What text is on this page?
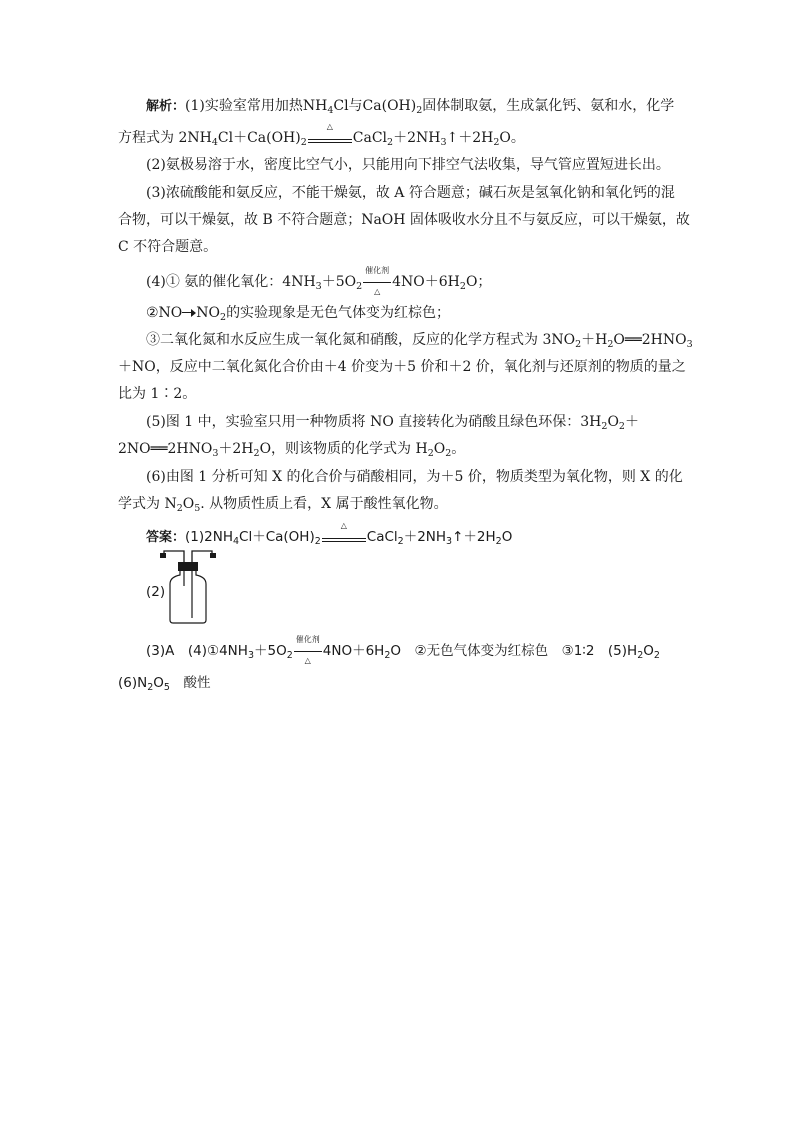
解析：(1)实验室常用加热$NH_4Cl$与$Ca(OH)_2$固体制取氨，生成氯化钙、氨和水，化学
方程式为 $2NH_4Cl+Ca(OH)_2$
△
$CaCl_2+2NH_3↑+2H_2O$。
(2)氨极易溶于水，密度比空气小，只能用向下排空气法收集，导气管应置短进长出。
(3)浓硫酸能和氨反应，不能干燥氨，故 A 符合题意；碱石灰是氢氧化钠和氧化钙的混
合物，可以干燥氨，故 B 不符合题意；NaOH 固体吸收水分且不与氨反应，可以干燥氨，故
C 不符合题意。
(4)① 氨的催化氧化：$4NH_3+5O_2$
催化剂
△
$4NO+6H_2O$；
②NO $NO_2$的实验现象是无色气体变为红棕色；
③二氧化氮和水反应生成一氧化氮和硝酸，反应的化学方程式为 $3NO_2+H_2O══2HNO_3$
＋NO，反应中二氧化氮化合价由＋4 价变为＋5 价和＋2 价，氧化剂与还原剂的物质的量之
比为 1∶2。
(5)图 1 中，实验室只用一种物质将 NO 直接转化为硝酸且绿色环保：$3H_2O_2+$
$2NO══2HNO_3+2H_2O$，则该物质的化学式为 $H_2O_2$。
(6)由图 1 分析可知 X 的化合价与硝酸相同，为＋5 价，物质类型为氧化物，则 X 的化
学式为 $N_2O_5$. 从物质性质上看，X 属于酸性氧化物。
答案：$(1)2NH_4Cl+Ca(OH)_2$
△
$CaCl_2+2NH_3↑+2H_2O$
(2)
(3)A  $(4)①4NH_3+5O_2$
催化剂
△
$4NO+6H_2O$  ②无色气体变为红棕色  ③1∶2  $(5)H_2O_2$
$(6)N_2O_5$  酸性
